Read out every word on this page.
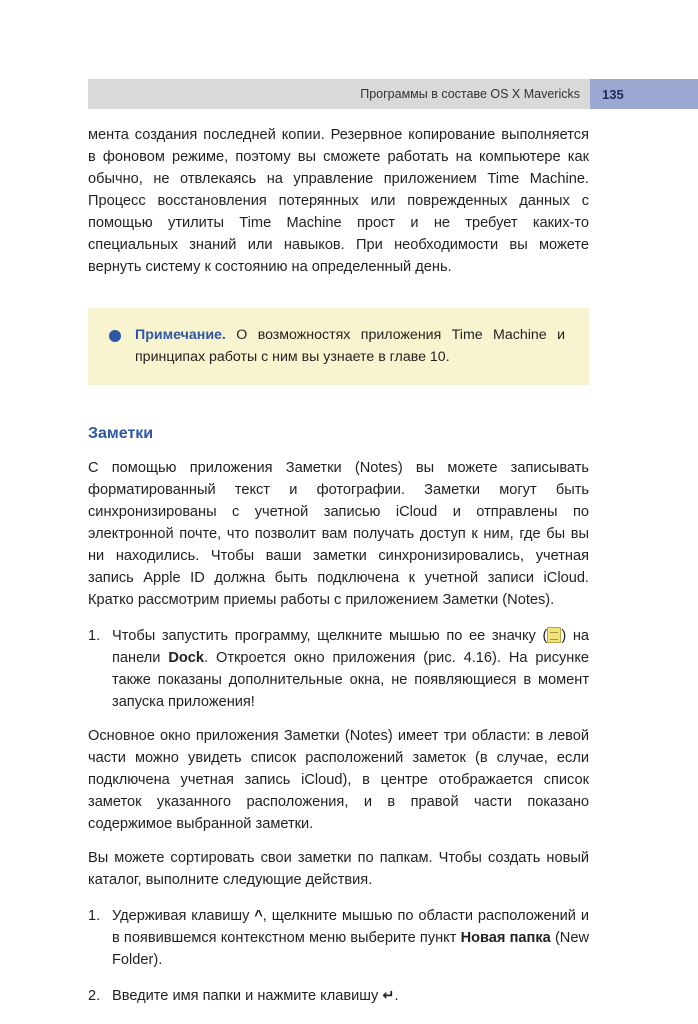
Программы в составе OS X Mavericks 135

мента создания последней копии. Резервное копирование выполняется в фоновом режиме, поэтому вы сможете работать на компьютере как обычно, не отвлекаясь на управление приложением Time Machine. Процесс восстановления потерянных или поврежденных данных с помощью утилиты Time Machine прост и не требует каких-то специальных знаний или навыков. При необходимости вы можете вернуть систему к состоянию на определенный день.

Примечание. О возможностях приложения Time Machine и принципах работы с ним вы узнаете в главе 10.
Заметки

С помощью приложения Заметки (Notes) вы можете записывать форматированный текст и фотографии. Заметки могут быть синхронизированы с учетной записью iCloud и отправлены по электронной почте, что позволит вам получать доступ к ним, где бы вы ни находились. Чтобы ваши заметки синхронизировались, учетная запись Apple ID должна быть подключена к учетной записи iCloud. Кратко рассмотрим приемы работы с приложением Заметки (Notes).

1. Чтобы запустить программу, щелкните мышью по ее значку ( ) на панели Dock. Откроется окно приложения (рис. 4.16). На рисунке также показаны дополнительные окна, не появляющиеся в момент запуска приложения!

Основное окно приложения Заметки (Notes) имеет три области: в левой части можно увидеть список расположений заметок (в случае, если подключена учетная запись iCloud), в центре отображается список заметок указанного расположения, и в правой части показано содержимое выбранной заметки.

Вы можете сортировать свои заметки по папкам. Чтобы создать новый каталог, выполните следующие действия.

1. Удерживая клавишу ^, щелкните мышью по области расположений и в появившемся контекстном меню выберите пункт Новая папка (New Folder).
2. Введите имя папки и нажмите клавишу ↵.
